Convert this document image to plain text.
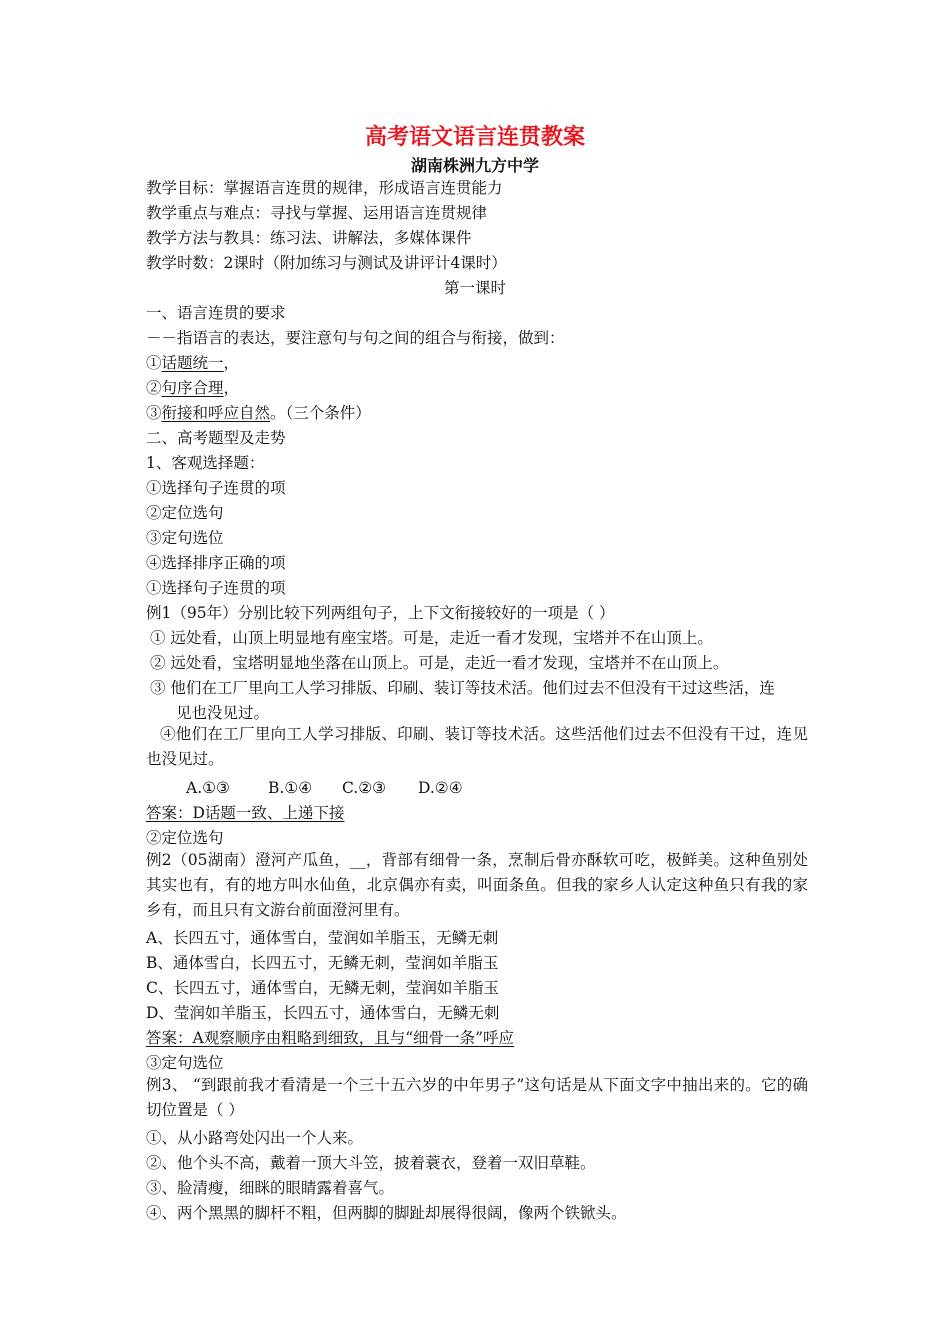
高考语文语言连贯教案
湖南株洲九方中学
教学目标：掌握语言连贯的规律，形成语言连贯能力
教学重点与难点：寻找与掌握、运用语言连贯规律
教学方法与教具：练习法、讲解法，多媒体课件
教学时数：2课时（附加练习与测试及讲评计4课时）
第一课时
一、语言连贯的要求
－－指语言的表达，要注意句与句之间的组合与衔接，做到：
①话题统一，
②句序合理，
③衔接和呼应自然。（三个条件）
二、高考题型及走势
1、客观选择题：
①选择句子连贯的项
②定位选句
③定句选位
④选择排序正确的项
①选择句子连贯的项
例1（95年）分别比较下列两组句子，上下文衔接较好的一项是（ ）
① 远处看，山顶上明显地有座宝塔。可是，走近一看才发现，宝塔并不在山顶上。
② 远处看，宝塔明显地坐落在山顶上。可是，走近一看才发现，宝塔并不在山顶上。
③ 他们在工厂里向工人学习排版、印刷、装订等技术活。他们过去不但没有干过这些活，连
见也没见过。
④他们在工厂里向工人学习排版、印刷、装订等技术活。这些活他们过去不但没有干过，连见也没见过。
A.①③ B.①④ C.②③ D.②④
答案：D话题一致、上递下接
②定位选句
例2（05湖南）澄河产瓜鱼，__，背部有细骨一条，烹制后骨亦酥软可吃，极鲜美。这种鱼别处其实也有，有的地方叫水仙鱼，北京偶亦有卖，叫面条鱼。但我的家乡人认定这种鱼只有我的家乡有，而且只有文游台前面澄河里有。
A、长四五寸，通体雪白，莹润如羊脂玉，无鳞无刺
B、通体雪白，长四五寸，无鳞无刺，莹润如羊脂玉
C、长四五寸，通体雪白，无鳞无刺，莹润如羊脂玉
D、莹润如羊脂玉，长四五寸，通体雪白，无鳞无刺
答案：A观察顺序由粗略到细致，且与“细骨一条”呼应
③定句选位
例3、 “到跟前我才看清是一个三十五六岁的中年男子”这句话是从下面文字中抽出来的。它的确切位置是（ ）
①、从小路弯处闪出一个人来。
②、他个头不高，戴着一顶大斗笠，披着蓑衣，登着一双旧草鞋。
③、脸清瘦，细眯的眼睛露着喜气。
④、两个黑黑的脚杆不粗，但两脚的脚趾却展得很阔，像两个铁锨头。
